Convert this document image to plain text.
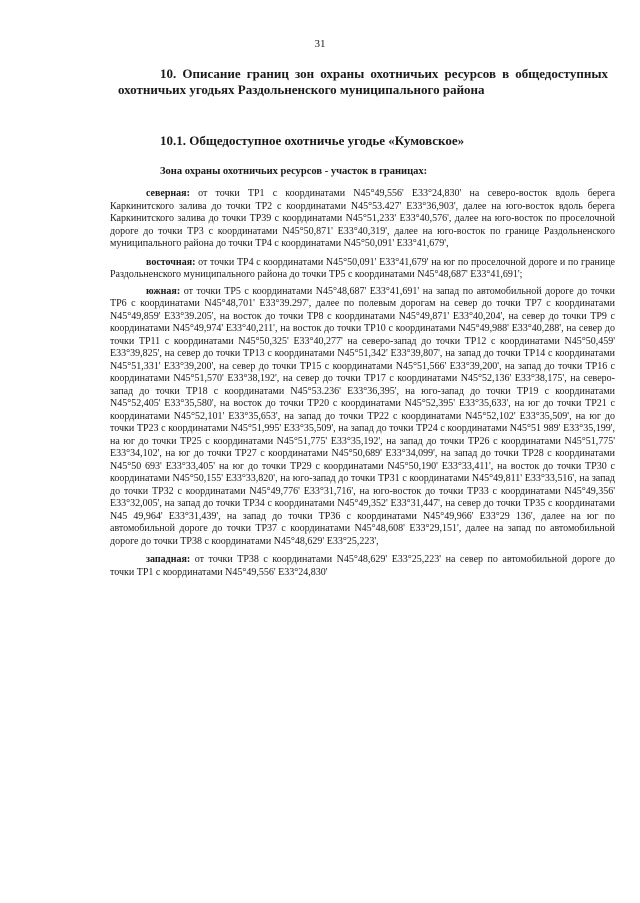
31
10. Описание границ зон охраны охотничьих ресурсов в общедоступных охотничьих угодьях Раздольненского муниципального района
10.1. Общедоступное охотничье угодье «Кумовское»
Зона охраны охотничьих ресурсов - участок в границах:

северная: от точки ТР1 с координатами N45°49,556' E33°24,830' на северо-восток вдоль берега Каркинитского залива до точки ТР2 с координатами N45°53.427' E33°36,903', далее на юго-восток вдоль берега Каркинитского залива до точки ТР39 с координатами N45°51,233' E33°40,576', далее на юго-восток по проселочной дороге до точки ТР3 с координатами N45°50,871' E33°40,319', далее на юго-восток по границе Раздольненского муниципального района до точки ТР4 с координатами N45°50,091' E33°41,679',

восточная: от точки ТР4 с координатами N45°50,091' E33°41,679' на юг по проселочной дороге и по границе Раздольненского муниципального района до точки ТР5 с координатами N45°48,687' E33°41,691';

южная: от точки ТР5 с координатами N45°48,687' E33°41,691' на запад по автомобильной дороге до точки ТР6 с координатами N45°48,701' E33°39.297', далее по полевым дорогам на север до точки ТР7 с координатами N45°49,859' E33°39.205', на восток до точки ТР8 с координатами N45°49,871' E33°40,204', на север до точки ТР9 с координатами N45°49,974' E33°40,211', на восток до точки ТР10 с координатами N45°49,988' E33°40,288', на север до точки ТР11 с координатами N45°50,325' E33°40,277' на северо-запад до точки ТР12 с координатами N45°50,459' E33°39,825', на север до точки ТР13 с координатами N45°51,342' E33°39,807', на запад до точки ТР14 с координатами N45°51,331' E33°39,200', на север до точки ТР15 с координатами N45°51,566' E33°39,200', на запад до точки ТР16 с координатами N45°51,570' E33°38,192', на север до точки ТР17 с координатами N45°52,136' E33°38,175', на северо-запад до точки ТР18 с координатами N45°53.236' E33°36,395', на юго-запад до точки ТР19 с координатами N45°52,405' E33°35,580', на восток до точки ТР20 с координатами N45°52,395' E33°35,633', на юг до точки ТР21 с координатами N45°52,101' E33°35,653', на запад до точки ТР22 с координатами N45°52,102' E33°35,509', на юг до точки ТР23 с координатами N45°51,995' E33°35,509', на запад до точки ТР24 с координатами N45°51 989' E33°35,199', на юг до точки ТР25 с координатами N45°51,775' E33°35,192', на запад до точки ТР26 с координатами N45°51,775' E33°34,102', на юг до точки ТР27 с координатами N45°50,689' E33°34,099', на запад до точки ТР28 с координатами N45°50 693' E33°33,405' на юг до точки ТР29 с координатами N45°50,190' E33°33,411', на восток до точки ТР30 с координатами N45°50,155' E33°33,820', на юго-запад до точки ТР31 с координатами N45°49,811' E33°33,516', на запад до точки ТР32 с координатами N45°49,776' E33°31,716', на юго-восток до точки ТР33 с координатами N45°49,356' E33°32,005', на запад до точки ТР34 с координатами N45°49,352' E33°31,447', на север до точки ТР35 с координатами N45 49,964' E33°31,439', на запад до точки ТР36 с координатами N45°49,966' E33°29 136', далее на юг по автомобильной дороге до точки ТР37 с координатами N45°48,608' E33°29,151', далее на запад по автомобильной дороге до точки ТР38 с координатами N45°48,629' E33°25,223',

западная: от точки ТР38 с координатами N45°48,629' E33°25,223' на север по автомобильной дороге до точки ТР1 с координатами N45°49,556' E33°24,830'
